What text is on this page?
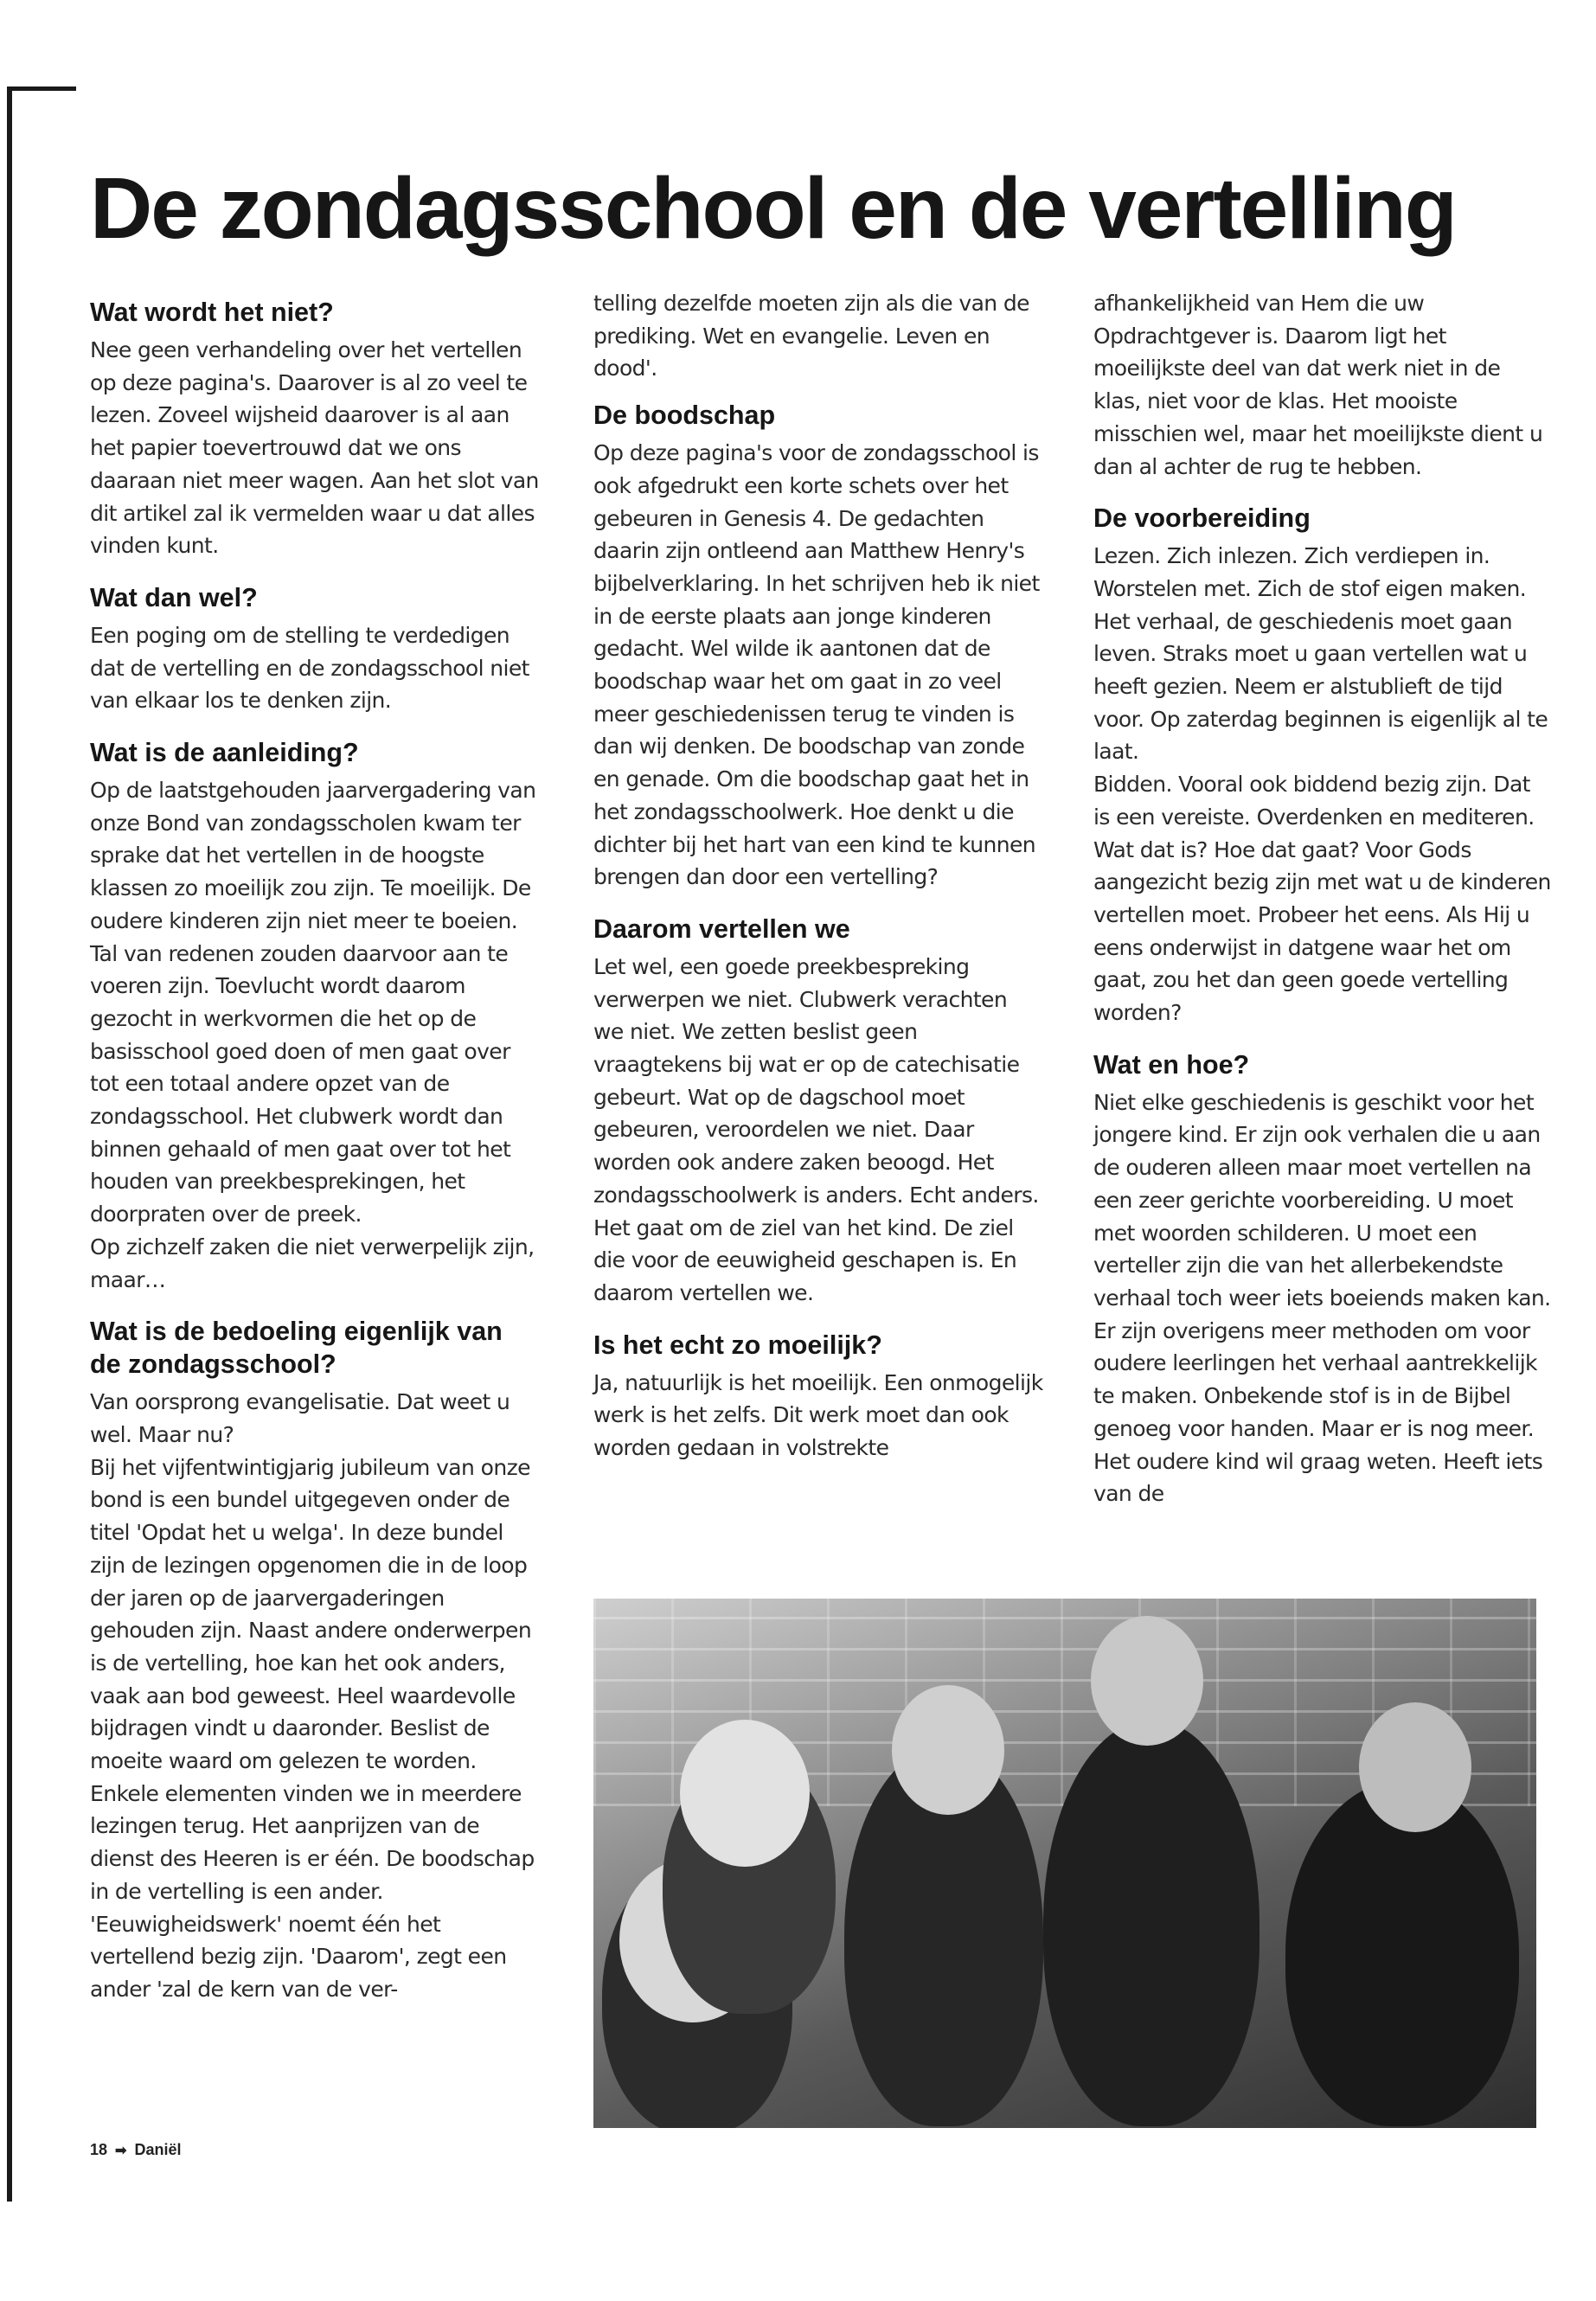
De zondagsschool en de vertelling
Wat wordt het niet?

Nee geen verhandeling over het vertellen op deze pagina's. Daarover is al zo veel te lezen. Zoveel wijsheid daarover is al aan het papier toevertrouwd dat we ons daaraan niet meer wagen. Aan het slot van dit artikel zal ik vermelden waar u dat alles vinden kunt.

Wat dan wel?

Een poging om de stelling te verdedigen dat de vertelling en de zondagsschool niet van elkaar los te denken zijn.

Wat is de aanleiding?

Op de laatstgehouden jaarvergadering van onze Bond van zondagsscholen kwam ter sprake dat het vertellen in de hoogste klassen zo moeilijk zou zijn. Te moeilijk. De oudere kinderen zijn niet meer te boeien. Tal van redenen zouden daarvoor aan te voeren zijn. Toevlucht wordt daarom gezocht in werkvormen die het op de basisschool goed doen of men gaat over tot een totaal andere opzet van de zondagsschool. Het clubwerk wordt dan binnen gehaald of men gaat over tot het houden van preekbesprekingen, het doorpraten over de preek.

Op zichzelf zaken die niet verwerpelijk zijn, maar…

Wat is de bedoeling eigenlijk van de zondagsschool?

Van oorsprong evangelisatie. Dat weet u wel. Maar nu?

Bij het vijfentwintigjarig jubileum van onze bond is een bundel uitgegeven onder de titel 'Opdat het u welga'. In deze bundel zijn de lezingen opgenomen die in de loop der jaren op de jaarvergaderingen gehouden zijn. Naast andere onderwerpen is de vertelling, hoe kan het ook anders, vaak aan bod geweest. Heel waardevolle bijdragen vindt u daaronder. Beslist de moeite waard om gelezen te worden.

Enkele elementen vinden we in meerdere lezingen terug. Het aanprijzen van de dienst des Heeren is er één. De boodschap in de vertelling is een ander. 'Eeuwigheidswerk' noemt één het vertellend bezig zijn. 'Daarom', zegt een ander 'zal de kern van de ver-

telling dezelfde moeten zijn als die van de prediking. Wet en evangelie. Leven en dood'.

De boodschap

Op deze pagina's voor de zondagsschool is ook afgedrukt een korte schets over het gebeuren in Genesis 4. De gedachten daarin zijn ontleend aan Matthew Henry's bijbelverklaring. In het schrijven heb ik niet in de eerste plaats aan jonge kinderen gedacht. Wel wilde ik aantonen dat de boodschap waar het om gaat in zo veel meer geschiedenissen terug te vinden is dan wij denken. De boodschap van zonde en genade. Om die boodschap gaat het in het zondagsschoolwerk. Hoe denkt u die dichter bij het hart van een kind te kunnen brengen dan door een vertelling?

Daarom vertellen we

Let wel, een goede preekbespreking verwerpen we niet. Clubwerk verachten we niet. We zetten beslist geen vraagtekens bij wat er op de catechisatie gebeurt. Wat op de dagschool moet gebeuren, veroordelen we niet. Daar worden ook andere zaken beoogd. Het zondagsschoolwerk is anders. Echt anders. Het gaat om de ziel van het kind. De ziel die voor de eeuwigheid geschapen is. En daarom vertellen we.

Is het echt zo moeilijk?

Ja, natuurlijk is het moeilijk. Een onmogelijk werk is het zelfs. Dit werk moet dan ook worden gedaan in volstrekte

afhankelijkheid van Hem die uw Opdrachtgever is. Daarom ligt het moeilijkste deel van dat werk niet in de klas, niet voor de klas. Het mooiste misschien wel, maar het moeilijkste dient u dan al achter de rug te hebben.

De voorbereiding

Lezen. Zich inlezen. Zich verdiepen in. Worstelen met. Zich de stof eigen maken. Het verhaal, de geschiedenis moet gaan leven. Straks moet u gaan vertellen wat u heeft gezien. Neem er alstublieft de tijd voor. Op zaterdag beginnen is eigenlijk al te laat.

Bidden. Vooral ook biddend bezig zijn. Dat is een vereiste. Overdenken en mediteren. Wat dat is? Hoe dat gaat? Voor Gods aangezicht bezig zijn met wat u de kinderen vertellen moet. Probeer het eens. Als Hij u eens onderwijst in datgene waar het om gaat, zou het dan geen goede vertelling worden?

Wat en hoe?

Niet elke geschiedenis is geschikt voor het jongere kind. Er zijn ook verhalen die u aan de ouderen alleen maar moet vertellen na een zeer gerichte voorbereiding. U moet met woorden schilderen. U moet een verteller zijn die van het allerbekendste verhaal toch weer iets boeiends maken kan.

Er zijn overigens meer methoden om voor oudere leerlingen het verhaal aantrekkelijk te maken. Onbekende stof is in de Bijbel genoeg voor handen. Maar er is nog meer. Het oudere kind wil graag weten. Heeft iets van de

18 ➡ Daniël
